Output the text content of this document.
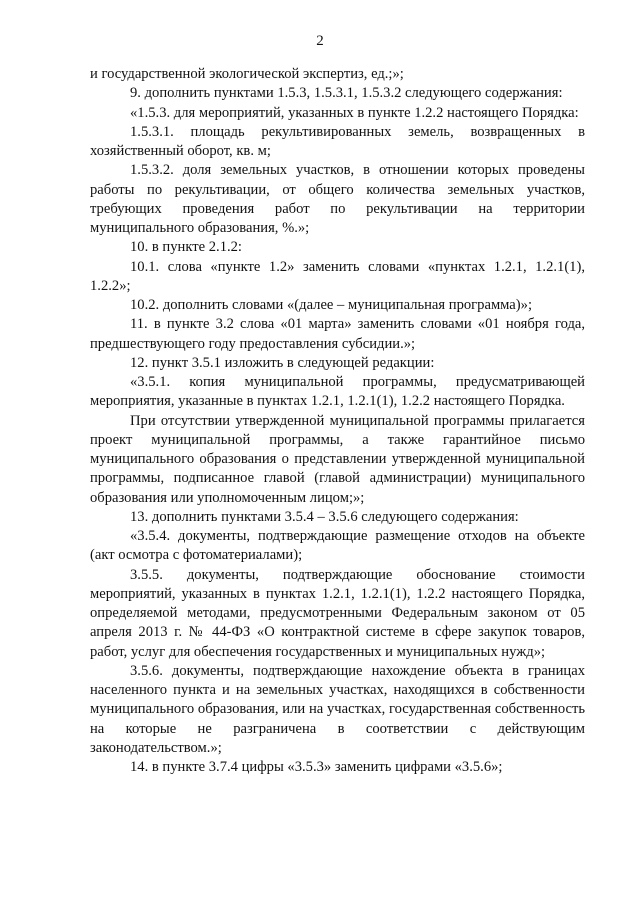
2

и государственной экологической экспертиз, ед.;»;

9. дополнить пунктами 1.5.3, 1.5.3.1, 1.5.3.2 следующего содержания:

«1.5.3. для мероприятий, указанных в пункте 1.2.2 настоящего Порядка:

1.5.3.1. площадь рекультивированных земель, возвращенных в хозяйственный оборот, кв. м;

1.5.3.2. доля земельных участков, в отношении которых проведены работы по рекультивации, от общего количества земельных участков, требующих проведения работ по рекультивации на территории муниципального образования, %.»;

10. в пункте 2.1.2:

10.1. слова «пункте 1.2» заменить словами «пунктах 1.2.1, 1.2.1(1), 1.2.2»;

10.2. дополнить словами «(далее – муниципальная программа)»;

11. в пункте 3.2 слова «01 марта» заменить словами «01 ноября года, предшествующего году предоставления субсидии.»;

12. пункт 3.5.1 изложить в следующей редакции:

«3.5.1. копия муниципальной программы, предусматривающей мероприятия, указанные в пунктах 1.2.1, 1.2.1(1), 1.2.2 настоящего Порядка.

При отсутствии утвержденной муниципальной программы прилагается проект муниципальной программы, а также гарантийное письмо муниципального образования о представлении утвержденной муниципальной программы, подписанное главой (главой администрации) муниципального образования или уполномоченным лицом;»;

13. дополнить пунктами 3.5.4 – 3.5.6 следующего содержания:

«3.5.4. документы, подтверждающие размещение отходов на объекте (акт осмотра с фотоматериалами);

3.5.5. документы, подтверждающие обоснование стоимости мероприятий, указанных в пунктах 1.2.1, 1.2.1(1), 1.2.2 настоящего Порядка, определяемой методами, предусмотренными Федеральным законом от 05 апреля 2013 г. № 44-ФЗ «О контрактной системе в сфере закупок товаров, работ, услуг для обеспечения государственных и муниципальных нужд»;

3.5.6. документы, подтверждающие нахождение объекта в границах населенного пункта и на земельных участках, находящихся в собственности муниципального образования, или на участках, государственная собственность на которые не разграничена в соответствии с действующим законодательством.»;

14. в пункте 3.7.4 цифры «3.5.3» заменить цифрами «3.5.6»;
